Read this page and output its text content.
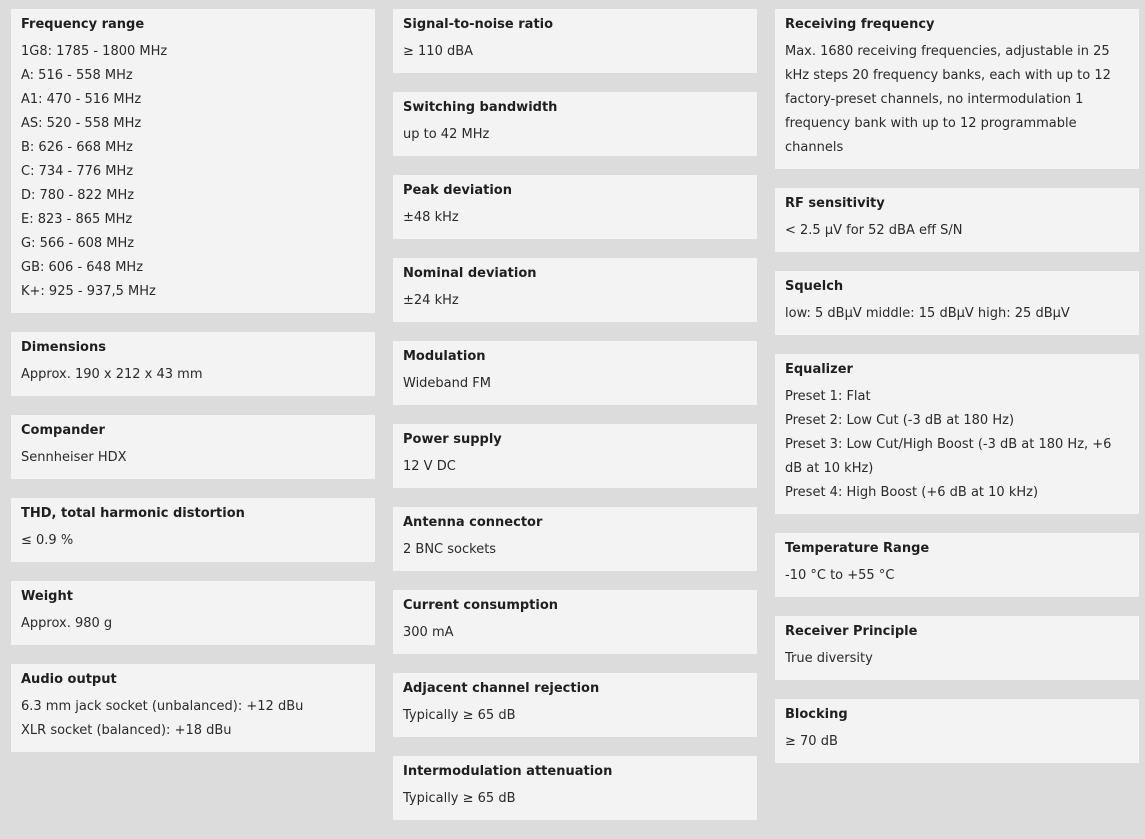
Frequency range
1G8: 1785 - 1800 MHz
A: 516 - 558 MHz
A1: 470 - 516 MHz
AS: 520 - 558 MHz
B: 626 - 668 MHz
C: 734 - 776 MHz
D: 780 - 822 MHz
E: 823 - 865 MHz
G: 566 - 608 MHz
GB: 606 - 648 MHz
K+: 925 - 937,5 MHz
Dimensions
Approx. 190 x 212 x 43 mm
Compander
Sennheiser HDX
THD, total harmonic distortion
≤ 0.9 %
Weight
Approx. 980 g
Audio output
6.3 mm jack socket (unbalanced): +12 dBu
XLR socket (balanced): +18 dBu
Signal-to-noise ratio
≥ 110 dBA
Switching bandwidth
up to 42 MHz
Peak deviation
±48 kHz
Nominal deviation
±24 kHz
Modulation
Wideband FM
Power supply
12 V DC
Antenna connector
2 BNC sockets
Current consumption
300 mA
Adjacent channel rejection
Typically ≥ 65 dB
Intermodulation attenuation
Typically ≥ 65 dB
Receiving frequency
Max. 1680 receiving frequencies, adjustable in 25 kHz steps 20 frequency banks, each with up to 12 factory-preset channels, no intermodulation 1 frequency bank with up to 12 programmable channels
RF sensitivity
< 2.5 μV for 52 dBA eff S/N
Squelch
low: 5 dBμV middle: 15 dBμV high: 25 dBμV
Equalizer
Preset 1: Flat
Preset 2: Low Cut (-3 dB at 180 Hz)
Preset 3: Low Cut/High Boost (-3 dB at 180 Hz, +6 dB at 10 kHz)
Preset 4: High Boost (+6 dB at 10 kHz)
Temperature Range
-10 °C to +55 °C
Receiver Principle
True diversity
Blocking
≥ 70 dB
